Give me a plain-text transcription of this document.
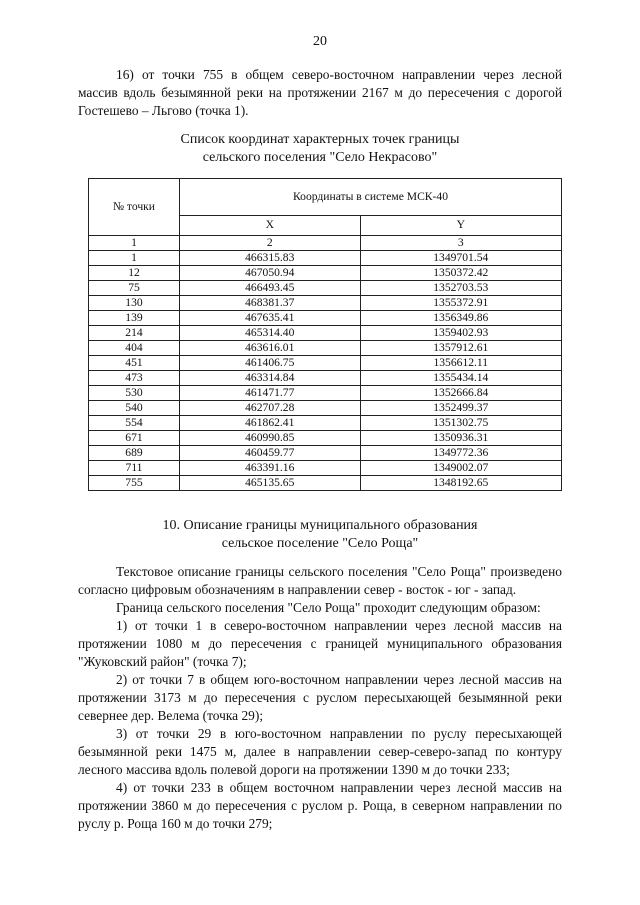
20

16) от точки 755 в общем северо-восточном направлении через лесной массив вдоль безымянной реки на протяжении 2167 м до пересечения с дорогой Гостешево – Льгово (точка 1).

Список координат характерных точек границы

сельского поселения "Село Некрасово"

№ точки	Координаты в системе МСК-40	
	X	Y
1	2	3
1	466315.83	1349701.54
12	467050.94	1350372.42
75	466493.45	1352703.53
130	468381.37	1355372.91
139	467635.41	1356349.86
214	465314.40	1359402.93
404	463616.01	1357912.61
451	461406.75	1356612.11
473	463314.84	1355434.14
530	461471.77	1352666.84
540	462707.28	1352499.37
554	461862.41	1351302.75
671	460990.85	1350936.31
689	460459.77	1349772.36
711	463391.16	1349002.07
755	465135.65	1348192.65

10. Описание границы муниципального образования

сельское поселение "Село Роща"

Текстовое описание границы сельского поселения "Село Роща" произведено согласно цифровым обозначениям в направлении север - восток - юг - запад.

Граница сельского поселения "Село Роща" проходит следующим образом:

1) от точки 1 в северо-восточном направлении через лесной массив на протяжении 1080 м до пересечения с границей муниципального образования "Жуковский район" (точка 7);

2) от точки 7 в общем юго-восточном направлении через лесной массив на протяжении 3173 м до пересечения с руслом пересыхающей безымянной реки севернее дер. Велема (точка 29);

3) от точки 29 в юго-восточном направлении по руслу пересыхающей безымянной реки 1475 м, далее в направлении север-северо-запад по контуру лесного массива вдоль полевой дороги на протяжении 1390 м до точки 233;

4) от точки 233 в общем восточном направлении через лесной массив на протяжении 3860 м до пересечения с руслом р. Роща, в северном направлении по руслу р. Роща 160 м до точки 279;
